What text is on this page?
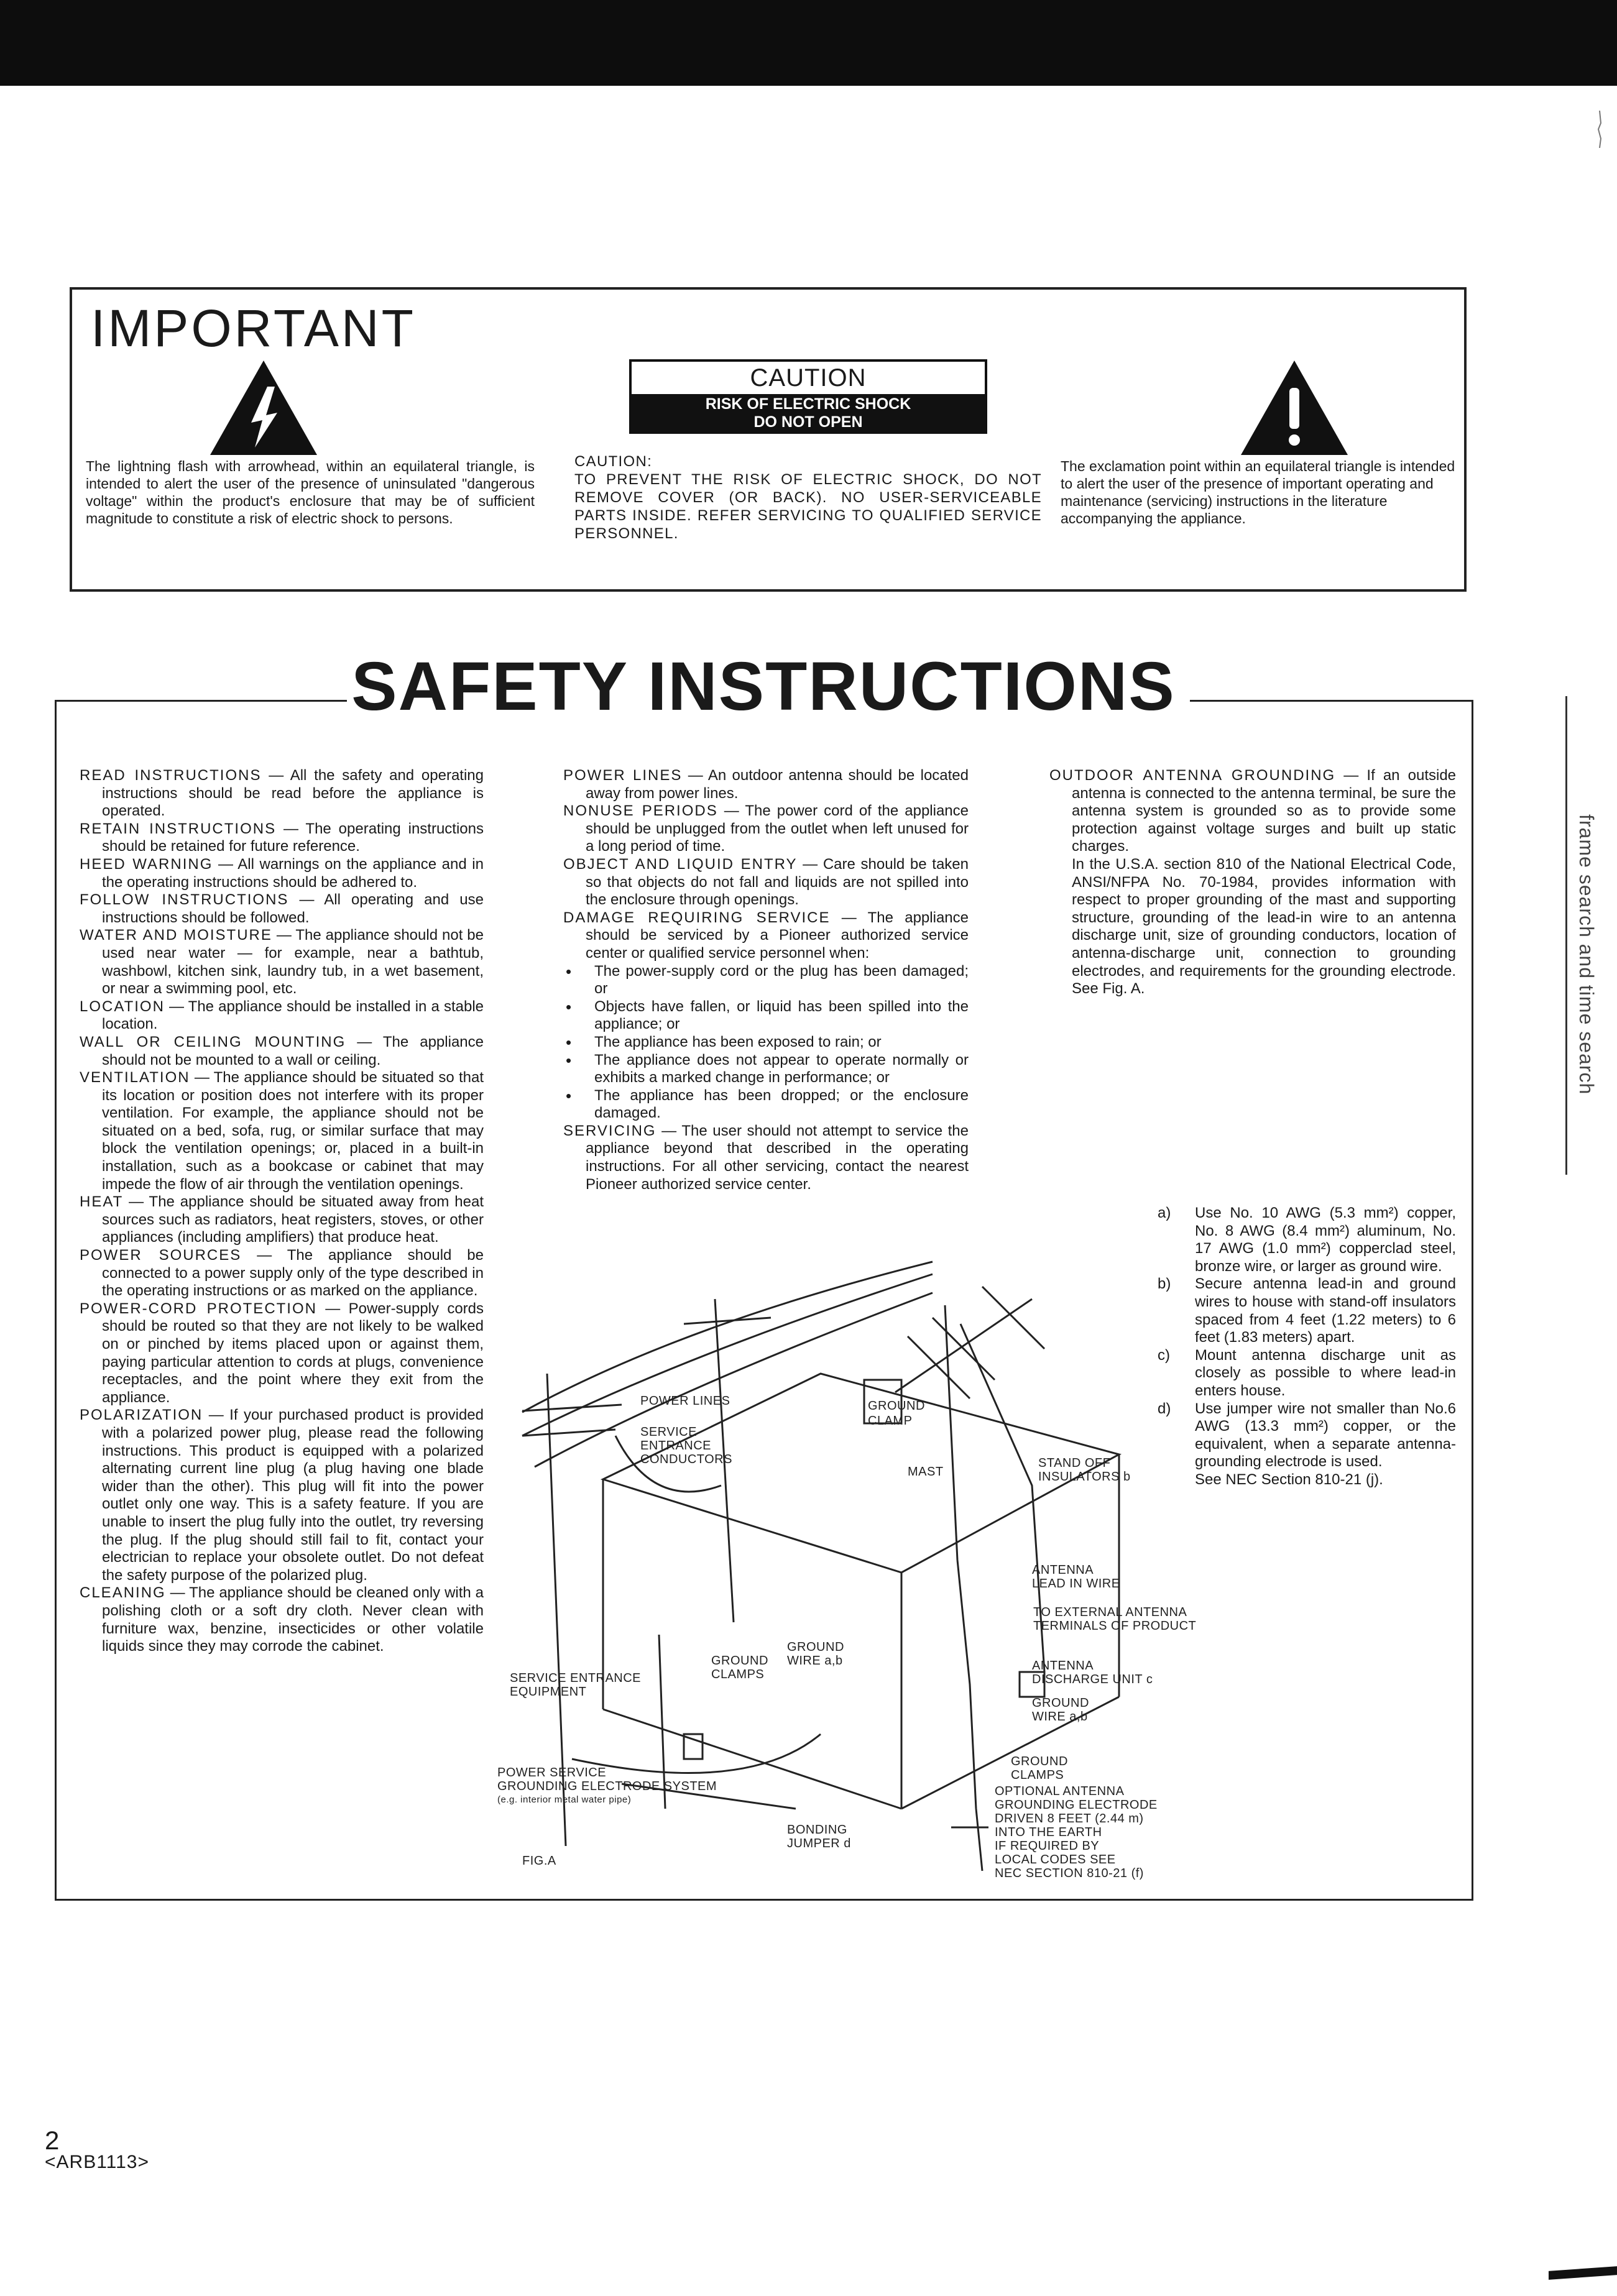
IMPORTANT

The lightning flash with arrowhead, within an equilateral triangle, is intended to alert the user of the presence of uninsulated "dangerous voltage" within the product's enclosure that may be of sufficient magnitude to constitute a risk of electric shock to persons.

CAUTION
RISK OF ELECTRIC SHOCK
DO NOT OPEN

CAUTION:
TO PREVENT THE RISK OF ELECTRIC SHOCK, DO NOT REMOVE COVER (OR BACK). NO USER-SERVICEABLE PARTS INSIDE. REFER SERVICING TO QUALIFIED SERVICE PERSONNEL.

The exclamation point within an equilateral triangle is intended to alert the user of the presence of important operating and maintenance (servicing) instructions in the literature accompanying the appliance.

SAFETY INSTRUCTIONS

READ INSTRUCTIONS — All the safety and operating instructions should be read before the appliance is operated.

RETAIN INSTRUCTIONS — The operating instructions should be retained for future reference.

HEED WARNING — All warnings on the appliance and in the operating instructions should be adhered to.

FOLLOW INSTRUCTIONS — All operating and use instructions should be followed.

WATER AND MOISTURE — The appliance should not be used near water — for example, near a bathtub, washbowl, kitchen sink, laundry tub, in a wet basement, or near a swimming pool, etc.

LOCATION — The appliance should be installed in a stable location.

WALL OR CEILING MOUNTING — The appliance should not be mounted to a wall or ceiling.

VENTILATION — The appliance should be situated so that its location or position does not interfere with its proper ventilation. For example, the appliance should not be situated on a bed, sofa, rug, or similar surface that may block the ventilation openings; or, placed in a built-in installation, such as a bookcase or cabinet that may impede the flow of air through the ventilation openings.

HEAT — The appliance should be situated away from heat sources such as radiators, heat registers, stoves, or other appliances (including amplifiers) that produce heat.

POWER SOURCES — The appliance should be connected to a power supply only of the type described in the operating instructions or as marked on the appliance.

POWER-CORD PROTECTION — Power-supply cords should be routed so that they are not likely to be walked on or pinched by items placed upon or against them, paying particular attention to cords at plugs, convenience receptacles, and the point where they exit from the appliance.

POLARIZATION — If your purchased product is provided with a polarized power plug, please read the following instructions. This product is equipped with a polarized alternating current line plug (a plug having one blade wider than the other). This plug will fit into the power outlet only one way. This is a safety feature. If you are unable to insert the plug fully into the outlet, try reversing the plug. If the plug should still fail to fit, contact your electrician to replace your obsolete outlet. Do not defeat the safety purpose of the polarized plug.

CLEANING — The appliance should be cleaned only with a polishing cloth or a soft dry cloth. Never clean with furniture wax, benzine, insecticides or other volatile liquids since they may corrode the cabinet.

POWER LINES — An outdoor antenna should be located away from power lines.

NONUSE PERIODS — The power cord of the appliance should be unplugged from the outlet when left unused for a long period of time.

OBJECT AND LIQUID ENTRY — Care should be taken so that objects do not fall and liquids are not spilled into the enclosure through openings.

DAMAGE REQUIRING SERVICE — The appliance should be serviced by a Pioneer authorized service center or qualified service personnel when:

• The power-supply cord or the plug has been damaged; or
• Objects have fallen, or liquid has been spilled into the appliance; or
• The appliance has been exposed to rain; or
• The appliance does not appear to operate normally or exhibits a marked change in performance; or
• The appliance has been dropped; or the enclosure damaged.

SERVICING — The user should not attempt to service the appliance beyond that described in the operating instructions. For all other servicing, contact the nearest Pioneer authorized service center.

OUTDOOR ANTENNA GROUNDING — If an outside antenna is connected to the antenna terminal, be sure the antenna system is grounded so as to provide some protection against voltage surges and built up static charges.

In the U.S.A. section 810 of the National Electrical Code, ANSI/NFPA No. 70-1984, provides information with respect to proper grounding of the mast and supporting structure, grounding of the lead-in wire to an antenna discharge unit, size of grounding conductors, location of antenna-discharge unit, connection to grounding electrodes, and requirements for the grounding electrode. See Fig. A.

a) Use No. 10 AWG (5.3 mm²) copper, No. 8 AWG (8.4 mm²) aluminum, No. 17 AWG (1.0 mm²) copperclad steel, bronze wire, or larger as ground wire.
b) Secure antenna lead-in and ground wires to house with stand-off insulators spaced from 4 feet (1.22 meters) to 6 feet (1.83 meters) apart.
c) Mount antenna discharge unit as closely as possible to where lead-in enters house.
d) Use jumper wire not smaller than No.6 AWG (13.3 mm²) copper, or the equivalent, when a separate antenna-grounding electrode is used.
See NEC Section 810-21 (j).
POWER LINES	GROUND
CLAMP
SERVICE
ENTRANCE
CONDUCTORS
MAST
STAND OFF
INSULATORS b
ANTENNA
LEAD IN WIRE
TO EXTERNAL ANTENNA
TERMINALS OF PRODUCT
GROUND
WIRE a,b
GROUND
CLAMPS
SERVICE ENTRANCE
EQUIPMENT
ANTENNA
DISCHARGE UNIT c
GROUND
WIRE a,b
GROUND
CLAMPS
POWER SERVICE
GROUNDING ELECTRODE SYSTEM
(e.g. interior metal water pipe)
OPTIONAL ANTENNA
GROUNDING ELECTRODE
DRIVEN 8 FEET (2.44 m)
INTO THE EARTH
IF REQUIRED BY
LOCAL CODES SEE
NEC SECTION 810-21 (f)
BONDING
JUMPER d
FIG.A
frame search and time search

2

<ARB1113>
